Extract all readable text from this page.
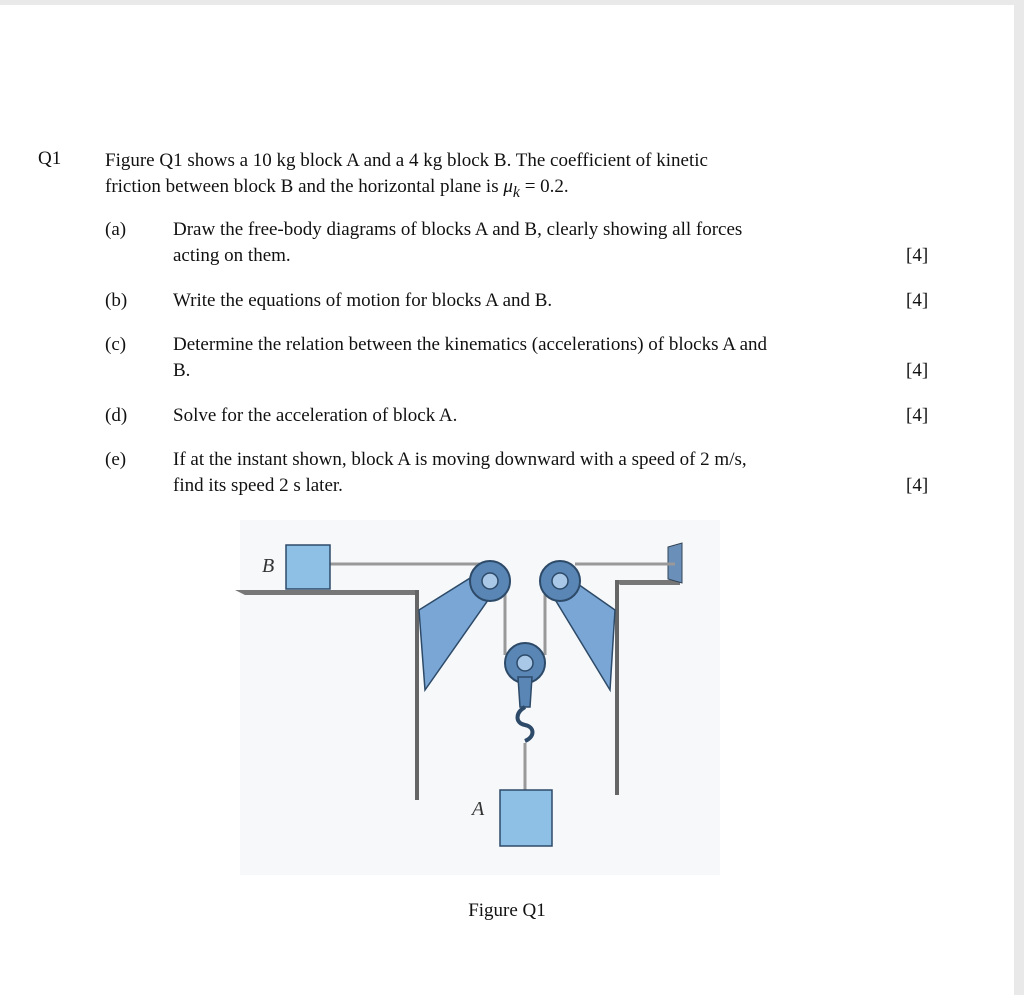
Q1 Figure Q1 shows a 10 kg block A and a 4 kg block B. The coefficient of kinetic
friction between block B and the horizontal plane is $\mu_k = 0.2$.
(a) Draw the free-body diagrams of blocks A and B, clearly showing all forces
acting on them.	[4]
(b) Write the equations of motion for blocks A and B.	[4]
(c) Determine the relation between the kinematics (accelerations) of blocks A and
B.	[4]
(d) Solve for the acceleration of block A.	[4]
(e) If at the instant shown, block A is moving downward with a speed of 2 m/s,
find its speed 2 s later.	[4]
B
A
Figure Q1
